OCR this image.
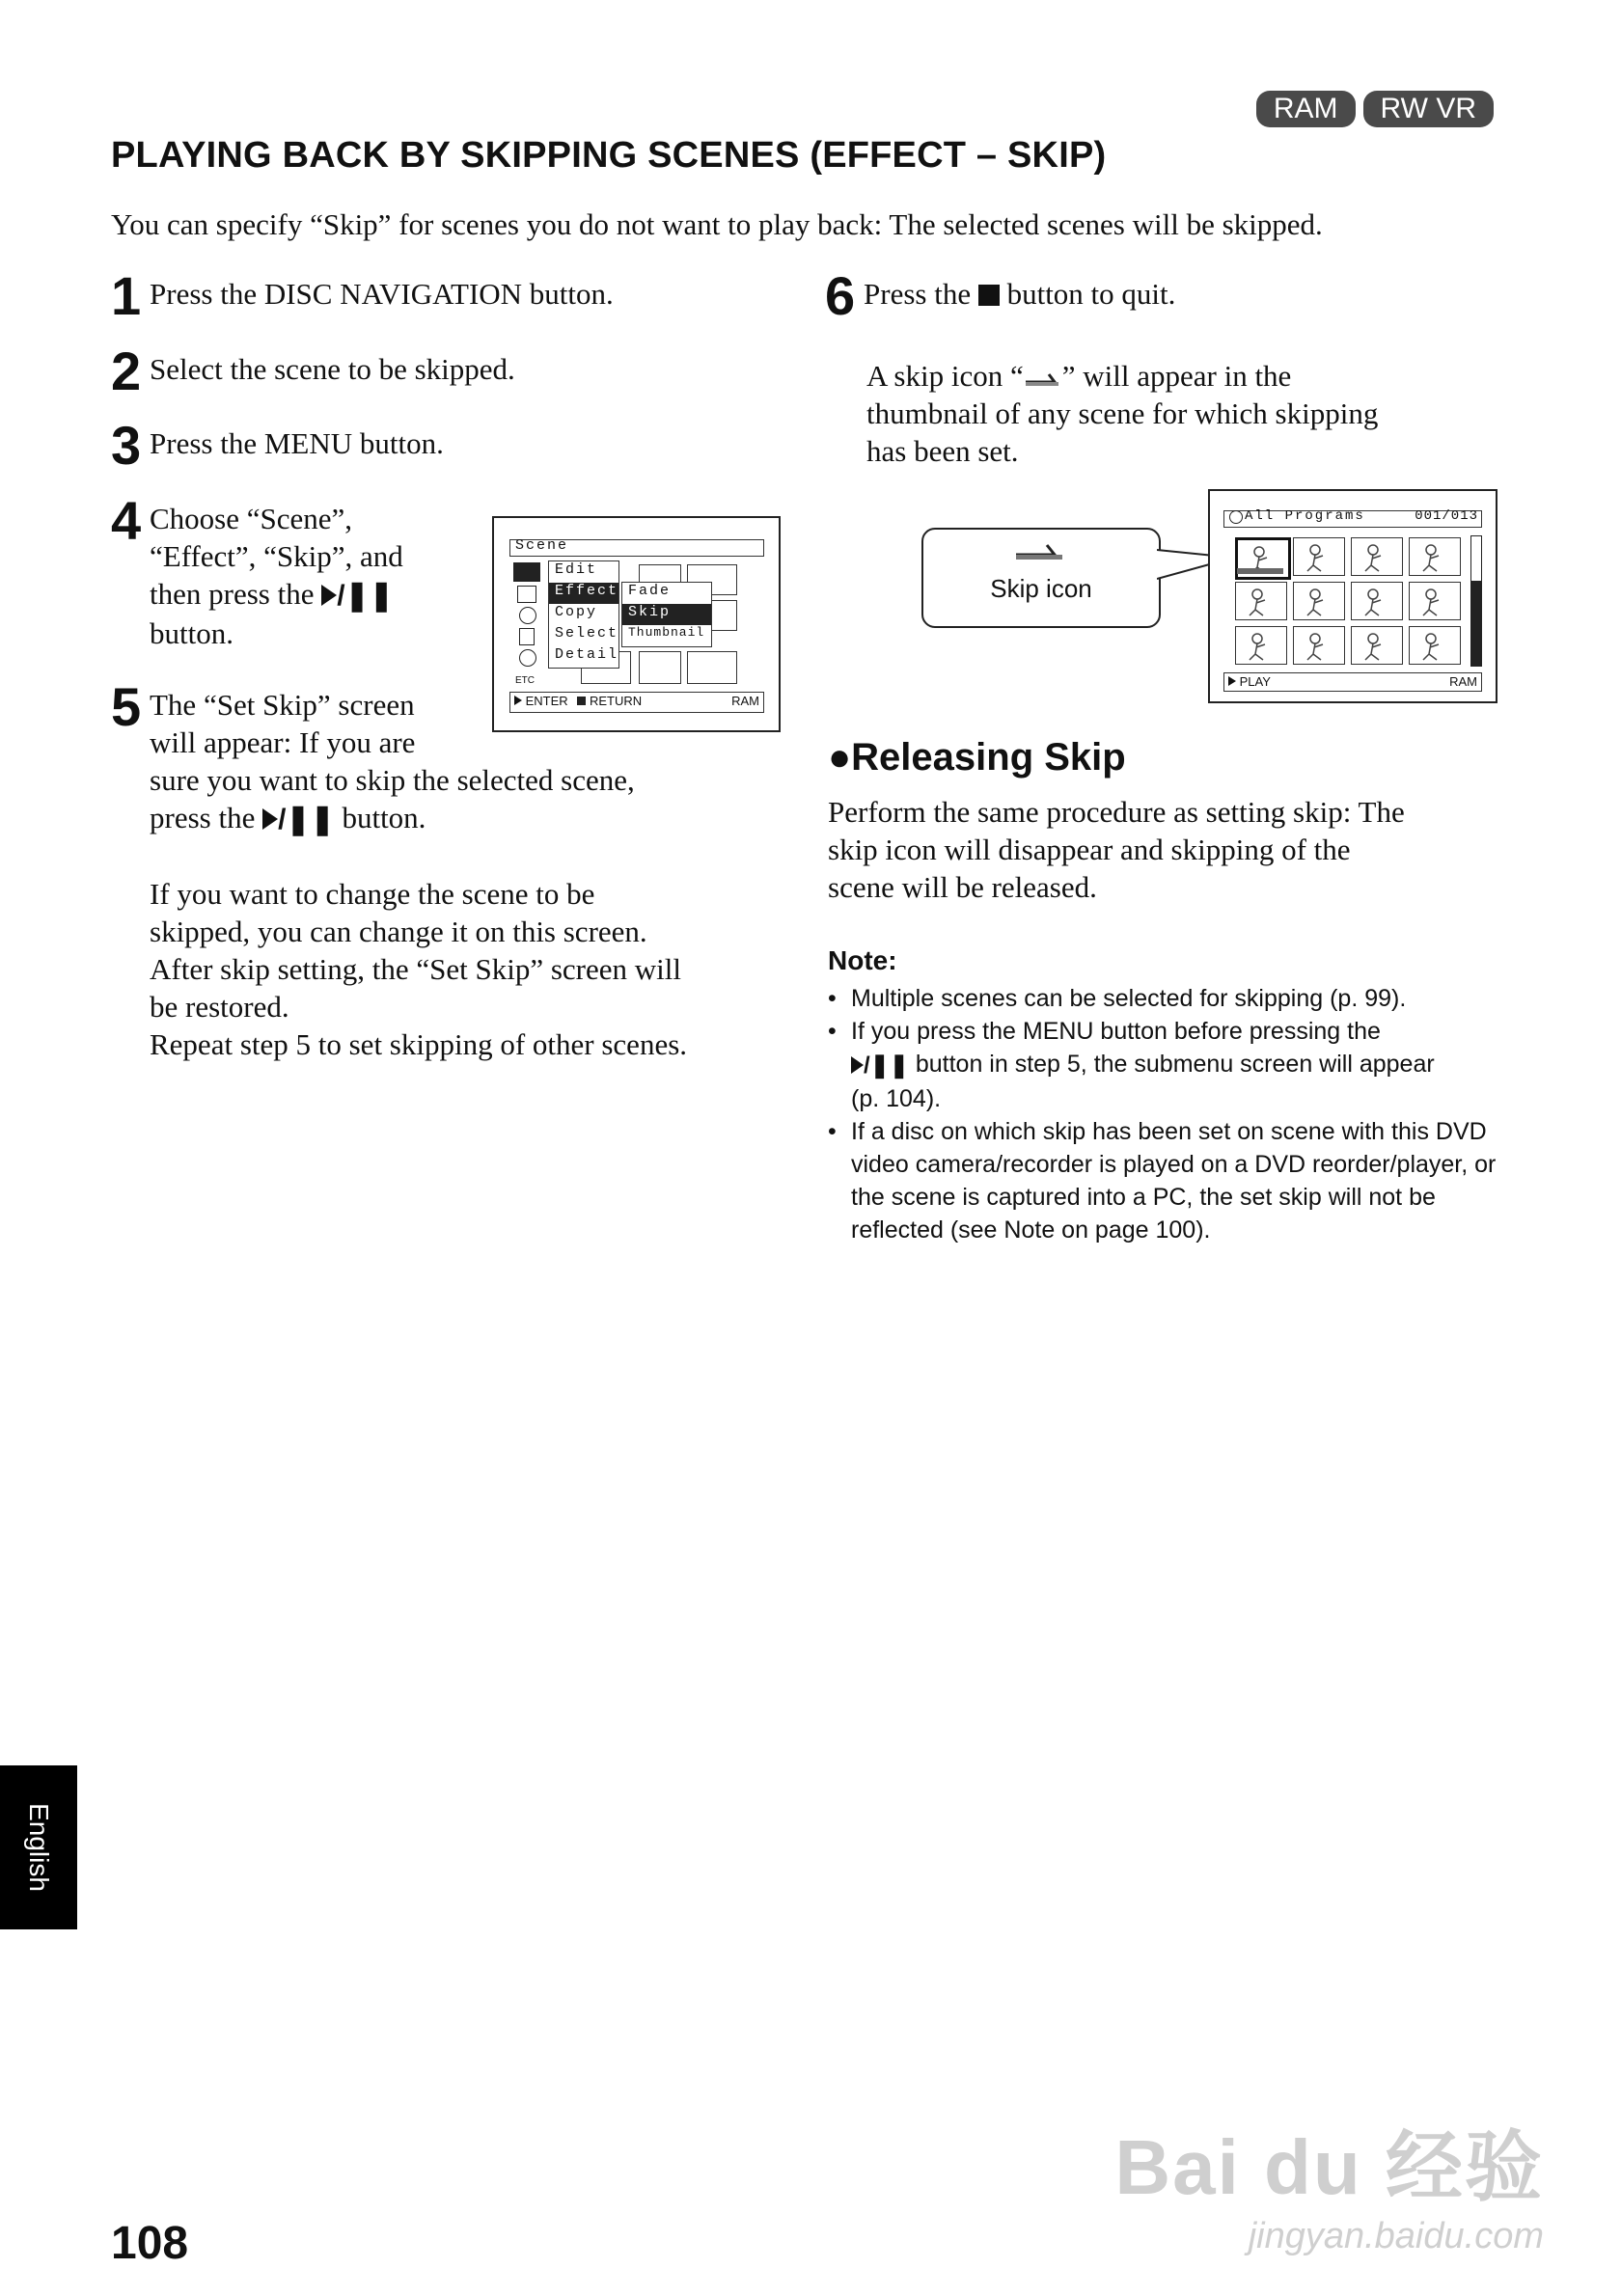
RAM	RW VR
PLAYING BACK BY SKIPPING SCENES (EFFECT – SKIP)

You can specify “Skip” for scenes you do not want to play back: The selected scenes will be skipped.

1 Press the DISC NAVIGATION button.
2 Select the scene to be skipped.
3 Press the MENU button.
4 Choose “Scene”,
“Effect”, “Skip”, and
then press the /❚❚
button.
5 The “Set Skip” screen
will appear: If you are
sure you want to skip the selected scene,
press the /❚❚ button.
If you want to change the scene to be
skipped, you can change it on this screen.
After skip setting, the “Set Skip” screen will
be restored.
Repeat step 5 to set skipping of other scenes.
Scene
ETC
Edit
Effect
Copy
Select
Detail
Fade
Skip
Thumbnail
ENTER RETURN	RAM
6 Press the button to quit.
A skip icon “ ” will appear in the
thumbnail of any scene for which skipping
has been set.
Skip icon
All Programs	001/013
PLAY	RAM
●Releasing Skip
Perform the same procedure as setting skip: The
skip icon will disappear and skipping of the
scene will be released.
Note:
• Multiple scenes can be selected for skipping (p. 99).
• If you press the MENU button before pressing the
/❚❚ button in step 5, the submenu screen will appear
(p. 104).
• If a disc on which skip has been set on scene with this DVD video camera/recorder is played on a DVD reorder/player, or the scene is captured into a PC, the set skip will not be reflected (see Note on page 100).
English
108
Bai du 经验
jingyan.baidu.com
